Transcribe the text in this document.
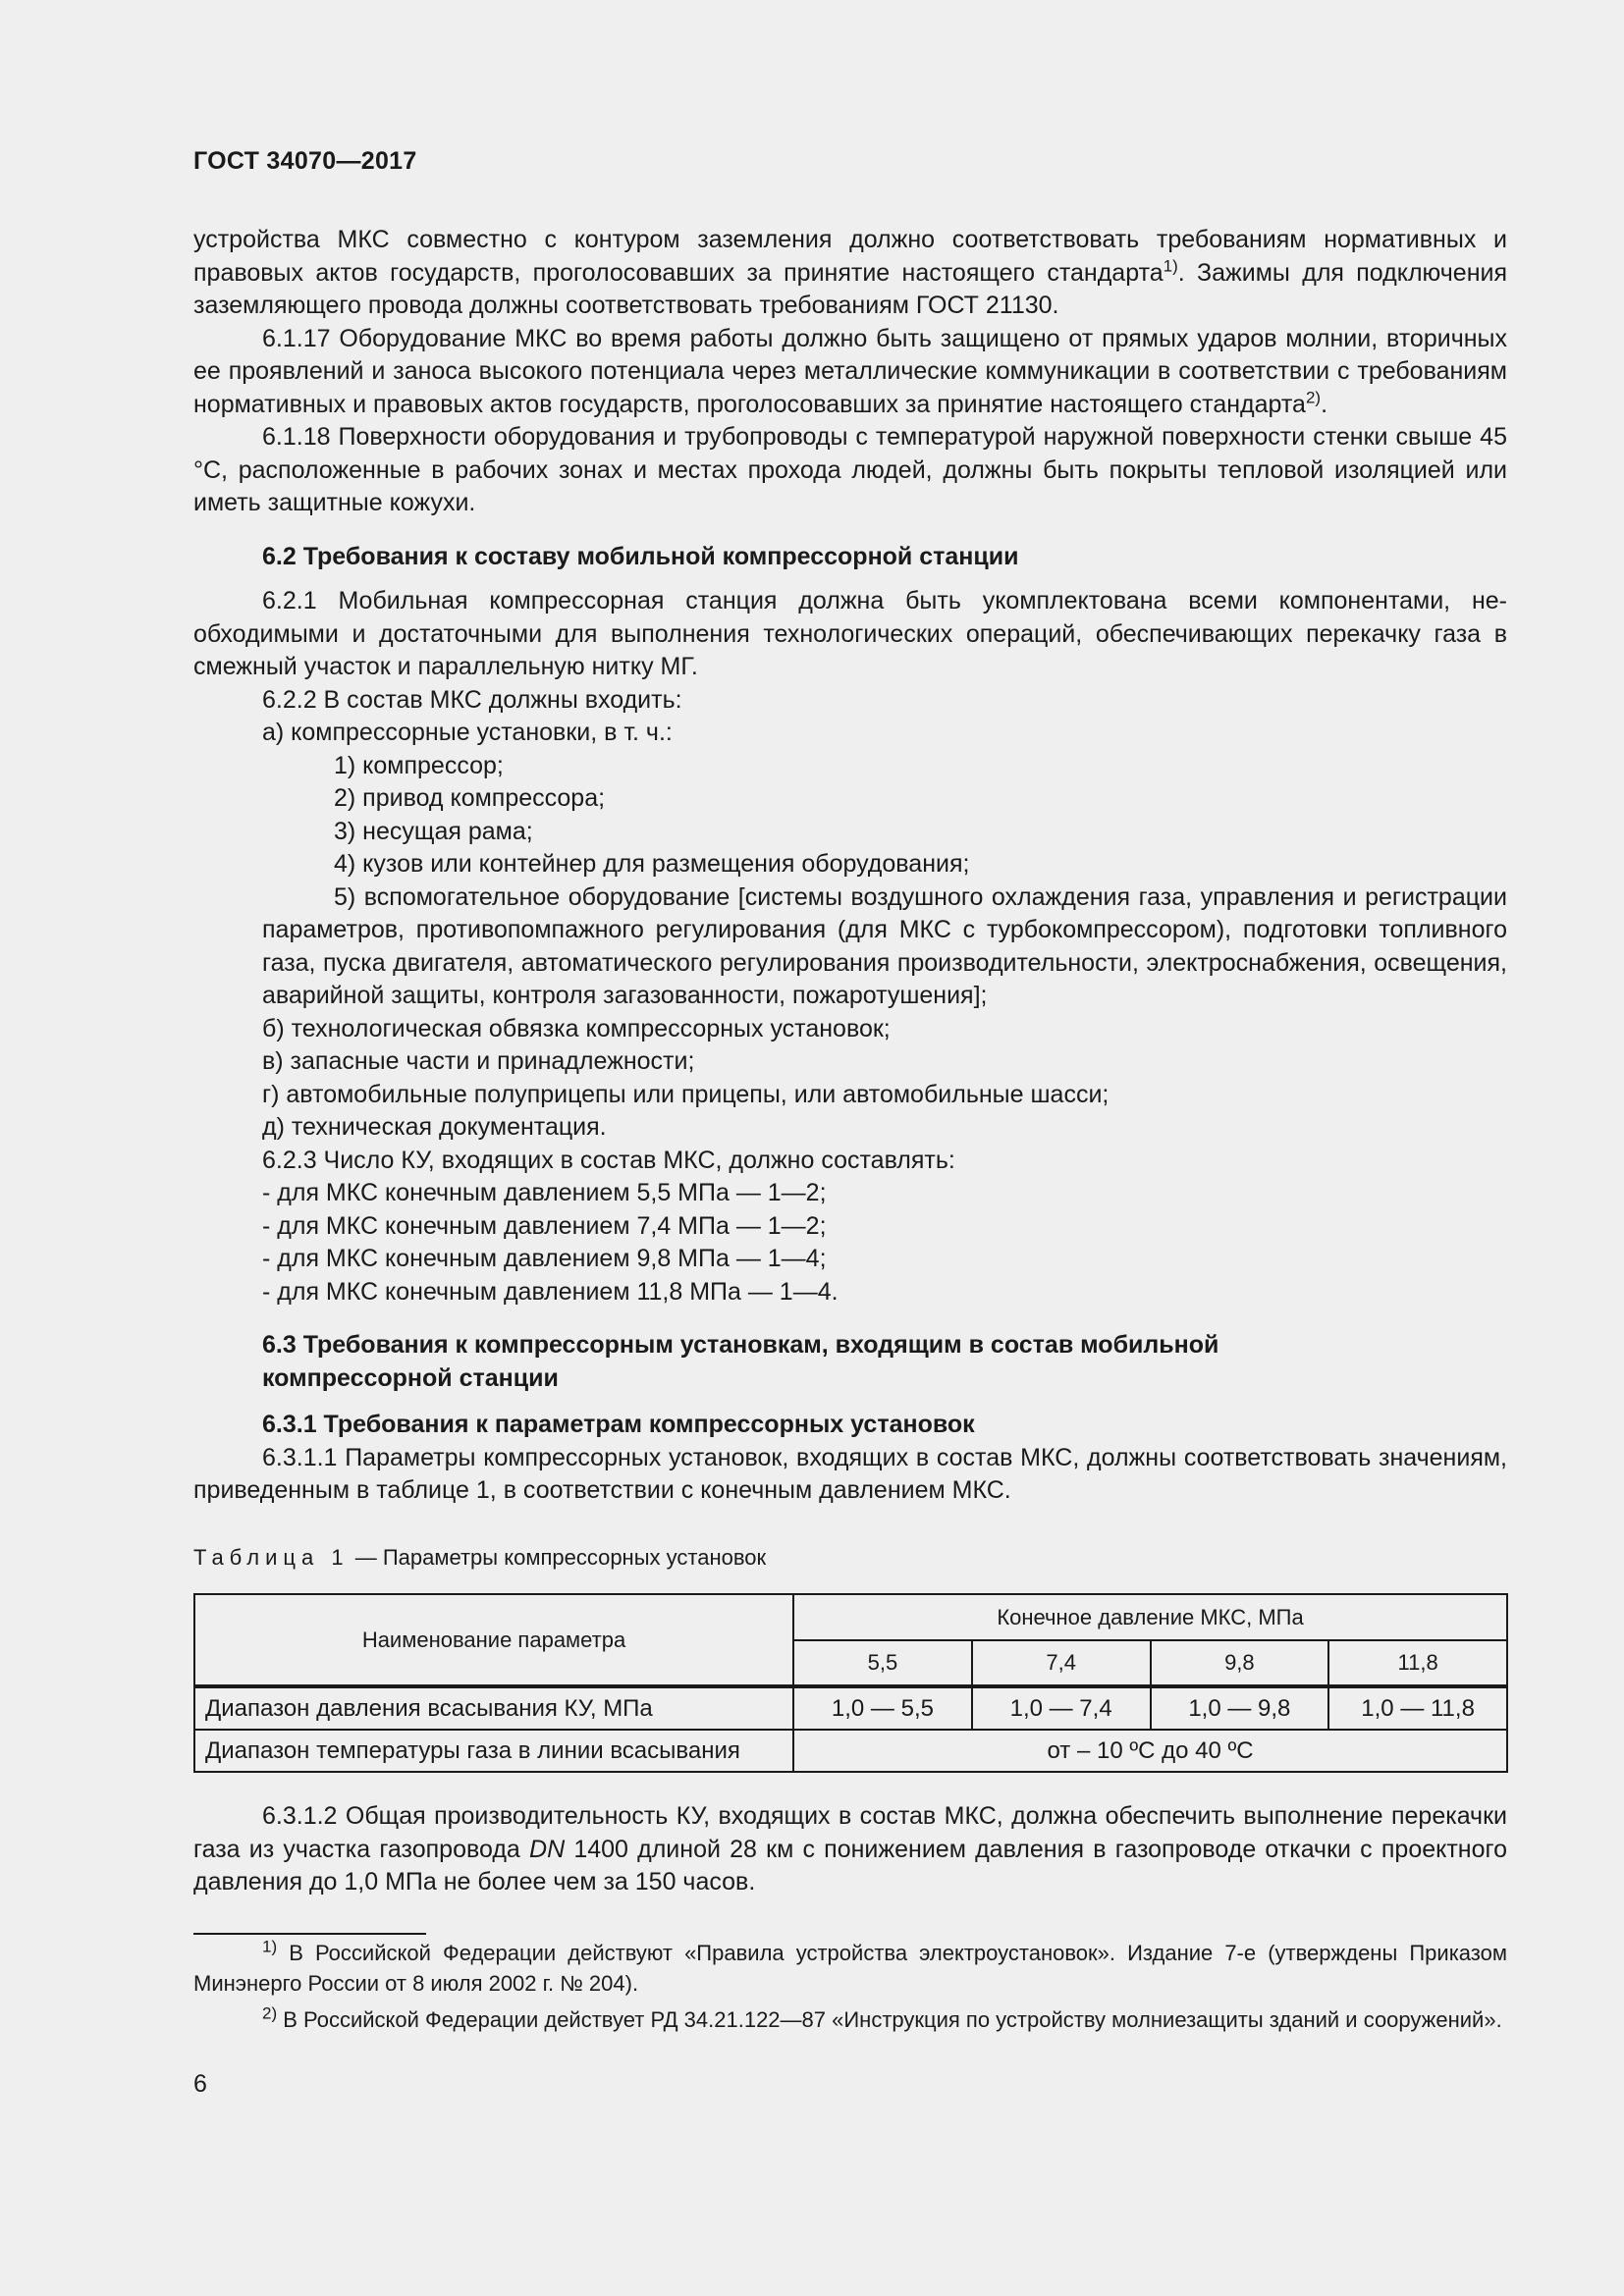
ГОСТ 34070—2017

устройства МКС совместно с контуром заземления должно соответствовать требованиям нормативных и правовых актов государств, проголосовавших за принятие настоящего стандарта$^{1)}$. Зажимы для подключения заземляющего провода должны соответствовать требованиям ГОСТ 21130.

6.1.17 Оборудование МКС во время работы должно быть защищено от прямых ударов молнии, вторичных ее проявлений и заноса высокого потенциала через металлические коммуникации в соответствии с требованиям нормативных и правовых актов государств, проголосовавших за принятие настоящего стандарта$^{2)}$.

6.1.18 Поверхности оборудования и трубопроводы с температурой наружной поверхности стенки свыше 45 °С, расположенные в рабочих зонах и местах прохода людей, должны быть покрыты тепловой изоляцией или иметь защитные кожухи.

6.2 Требования к составу мобильной компрессорной станции

6.2.1 Мобильная компрессорная станция должна быть укомплектована всеми компонентами, необходимыми и достаточными для выполнения технологических операций, обеспечивающих перекачку газа в смежный участок и параллельную нитку МГ.

6.2.2 В состав МКС должны входить:

а) компрессорные установки, в т. ч.:

1) компрессор;

2) привод компрессора;

3) несущая рама;

4) кузов или контейнер для размещения оборудования;

5) вспомогательное оборудование [системы воздушного охлаждения газа, управления и регистрации параметров, противопомпажного регулирования (для МКС с турбокомпрессором), подготовки топливного газа, пуска двигателя, автоматического регулирования производительности, электроснабжения, освещения, аварийной защиты, контроля загазованности, пожаротушения];

б) технологическая обвязка компрессорных установок;

в) запасные части и принадлежности;

г) автомобильные полуприцепы или прицепы, или автомобильные шасси;

д) техническая документация.

6.2.3 Число КУ, входящих в состав МКС, должно составлять:

- для МКС конечным давлением 5,5 МПа — 1—2;

- для МКС конечным давлением 7,4 МПа — 1—2;

- для МКС конечным давлением 9,8 МПа — 1—4;

- для МКС конечным давлением 11,8 МПа — 1—4.

6.3 Требования к компрессорным установкам, входящим в состав мобильной
компрессорной станции

6.3.1 Требования к параметрам компрессорных установок

6.3.1.1 Параметры компрессорных установок, входящих в состав МКС, должны соответствовать значениям, приведенным в таблице 1, в соответствии с конечным давлением МКС.

Таблица 1 — Параметры компрессорных установок
Наименование параметра	Конечное давление МКС, МПа			
	5,5	7,4	9,8	11,8
Диапазон давления всасывания КУ, МПа	1,0 — 5,5	1,0 — 7,4	1,0 — 9,8	1,0 — 11,8
Диапазон температуры газа в линии всасывания	от – 10 ºС до 40 ºС			

6.3.1.2 Общая производительность КУ, входящих в состав МКС, должна обеспечить выполнение перекачки газа из участка газопровода DN 1400 длиной 28 км с понижением давления в газопроводе откачки с проектного давления до 1,0 МПа не более чем за 150 часов.

$^{1)}$ В Российской Федерации действуют «Правила устройства электроустановок». Издание 7-е (утверждены Приказом Минэнерго России от 8 июля 2002 г. № 204).

$^{2)}$ В Российской Федерации действует РД 34.21.122—87 «Инструкция по устройству молниезащиты зданий и сооружений».

6
